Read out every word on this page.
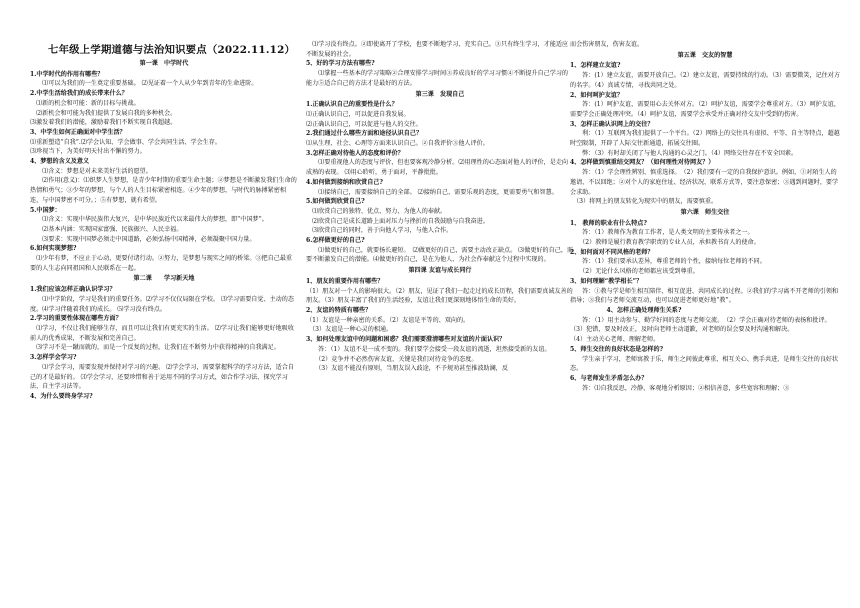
七年级上学期道德与法治知识要点（2022.11.12）

第一课　中学时代

1.中学时代的作用有哪些？

　　⑴可以为我们的一生奠定重要基础。 ⑵见证着一个人从少年到青年的生命进阶。

2.中学生活给我们的成长带来什么？

　⑴新的机会和可能：新的目标与挑战。

　⑵新机会和可能为我们提供了发展自我的多种机会。

⑶激发着我们的潜能，激励着我们不断实现自我超越。

3、中学生如何正确面对中学生活？

⑴重新塑造“自我”.⑵学会认知、学会做事、学会共同生活、学会生存。

⑶珍视当下，为美好明天付出不懈的努力。

4、梦想的含义及意义

　　⑴含义：梦想是对未来美好生活的愿望。

　　⑵作用(意义)：⑴织梦人生梦想，是青少年时期的重要生命主题；②梦想是不断激发我们生命的热情和勇气；③少年的梦想，与个人的人生目标紧密相连。④少年的梦想，与时代的脉搏紧密相连，与中国梦密不可分。；⑤有梦想，就有希望。

5.中国梦：

　　⑴含义：实现中华民族伟大复兴，是中华民族近代以来最伟大的梦想，即“中国梦”。

　　⑵基本内涵：实现国家富强、民族振兴、人民幸福。

　　⑶要求：实现中国梦必须走中国道路，必须弘扬中国精神，必须凝聚中国力量。

6.如何实现梦想?

　⑴少年有梦，不应止于心动，更要付诸行动。②努力，是梦想与现实之间的桥梁。③把自己最重要的人生志向同祖国和人民联系在一起。

第二课　　学习新天地

1.我们应该怎样正确认识学习？

　　⑴中学阶段，学习是我们的重要任务。⑵学习不仅仅局限在学校。 ⑶学习需要自觉、主动的态度。⑷学习伴随着我们的成长。 ⑸学习没有终点。

2.学习的重要性体现在哪些方面？

　⑴学习，不仅让我们能够生存，而且可以让我们有更充实的生活。 ⑵学习让我们能够更好地吸收前人的优秀成果，不断发展和完善自己。

　⑶学习不是一蹴而就的，而是一个反复的过程，让我们在不断努力中获得精神的自我满足。

3.怎样学会学习?

　　⑴学会学习，需要发现并保持对学习的兴趣。 ⑵学会学习，需要掌握科学的学习方法，适合自己的才是最好的。 ⑶学会学习，还要珍惜和善于运用不同的学习方式，如合作学习法、探究学习法、自主学习法等。

4、为什么要终身学习?

　⑴学习没有终点。②即使离开了学校，也要不断地学习、充实自己。③只有终生学习，才能适应不断发展的社会。

5、好的学习方法有哪些?

　　⑴掌握一些基本的学习策略②合理安排学习时间③养成良好的学习习惯④不断提升自己学习的能力⑤适合自己的方法才是最好的方法。

第三课　发现自己

1.正确认识自己的重要性是什么？

⑴正确认识自己，可以促进自我发展。

⑵正确认识自己，可以促进与他人的交往。

2.我们通过什么哪些方面和途径认识自己？

⑴从生理、社会、心理等方面来认识自己。②自我评价③他人评价。

3.怎样正确对待他人的态度和评价？

　　⑴要重视他人的态度与评价，但也要客观冷静分析。⑵用理性的心态面对他人的评价，是走向成熟的表现。 ⑶用心聆听，勇于面对，平静批批。

4.如何做到接纳和欣赏自己?

　　⑴接纳自己，需要接纳自己的全部。 ⑵接纳自己，需要乐观的态度，更需要勇气和智慧。

5.如何做到欣赏自己?

　⑴欣赏自己的独特、优点、努力、为他人的奉献。

　⑵欣赏自己是成长道路上面对压力与挫折的自我鼓励与自我奋进。

　⑶欣赏自己的同时，善于向他人学习，与他人合作。

6.怎样做更好的自己?

　　⑴做更好的自己，就要扬长避短。　⑵做更好的自己，需要主动改正缺点。 ⑶做更好的自己，需要不断激发自己的潜能。⑷做更好的自己，是在为他人、为社会作奉献这个过程中实现的。

第四课 友谊与成长同行

1、朋友的重要作用有哪些？

（1）朋友对一个人的影响很大。（2）朋友，见证了我们一起走过的成长历程，我们需要真诚友善的朋友。（3）朋友丰富了我们的生活经验，友谊让我们更深刻地体悟生命的美好。

2、友谊的特质有哪些？

（1）友谊是一种亲密的关系。（2）友谊是平等的、双向的。

　（3）友谊是一种心灵的相通。

3、如何处理友谊中的问题和困惑？我们需要澄清哪些对友谊的片面认识？

　　答：（1）友谊不是一成不变的。我们要学会接受一段友谊的流逝，坦然接受新的友谊。

　　（2）竞争并不必然伤害友谊，关键是我们对待竞争的态度。

　　（3）友谊不能没有原则，当朋友误入歧途，不予规劝甚至推波助澜，反

而会伤害朋友，伤害友谊。

第五课　交友的智慧

1、怎样建立友谊?

　　答：(1）建立友谊，需要开放自己。（2）建立友谊，需要持续的行动。（3）需要微笑，记住对方的名字。（4）真诚专情，寻找共同之处。

2、如何呵护友谊？

　　答：(1）呵护友谊，需要用心去关怀对方。（2）呵护友谊，需要学会尊重对方。（3）呵护友谊，需要学会正确处理冲突。（4）呵护友谊，需要学会承受并正确对待交友中受到的伤害。

3、怎样正确认识网上的交往？

　　利：（1）互联网为我们提供了一个平台。（2）网络上的交往具有虚拟、平等、自主等特点，超越时空限制，开辟了人际交往新通道，拓展交往圈。

　　弊：（3）有时却关闭了与他人沟通的心灵之门。（4）网络交往存在不安全因素。

4、怎样做到慎重结交网友？（如何理性对待网友？）

　　答：（1）学会理性辨别、慎重选择。　（2）我们要有一定的自我保护意识。例如，①对陌生人的邀请，不以回绝；②对个人的家庭住址、经济状况、联系方式等，要注意保密；③遇到问题时，要学会求助。

　（3）将网上的朋友转化为现实中的朋友，需要慎重。

第六课　师生交往

1、 教师的职业有什么特点?

　　答：（1）教师作为教育工作者，是人类文明的主要传承者之一。

　　（2）教师是履行教育教学职责的专业人员，承担教书育人的使命。

2、如何面对不同风格的老师？

　　答：（1）我们要承认差异，尊重老师的个性，接纳每位老师的不同。

　　（2）无论什么风格的老师都应该受到尊重。

3、如何理解“教学相长”？

　　答：①教与学是师生相互陪伴、相互促进、共同成长的过程。②我们的学习离不开老师的引领和指导；③我们与老师交流互动，也可以促进老师更好地“教”。

　　　　　　4、怎样正确处理师生关系?

　　答：（1）用主动参与、勤学好问的态度与老师交流。　（2）学会正确对待老师的表扬和批评。（3）犯错，要及时改正，及时向老师主动道歉，对老师的误会要及时沟通和解决。

（4）主动关心老师、理解老师。

5、师生交往的良好状态是怎样的?

　　学生亲于学习，老师寓教于乐，师生之间彼此尊重、相互关心、携手共进，是师生交往的良好状态。

6、与老师发生矛盾怎么办？

　　答：⑴自我反思，冷静、客观地分析原因；②相信善意，多些宽容和理解；③
